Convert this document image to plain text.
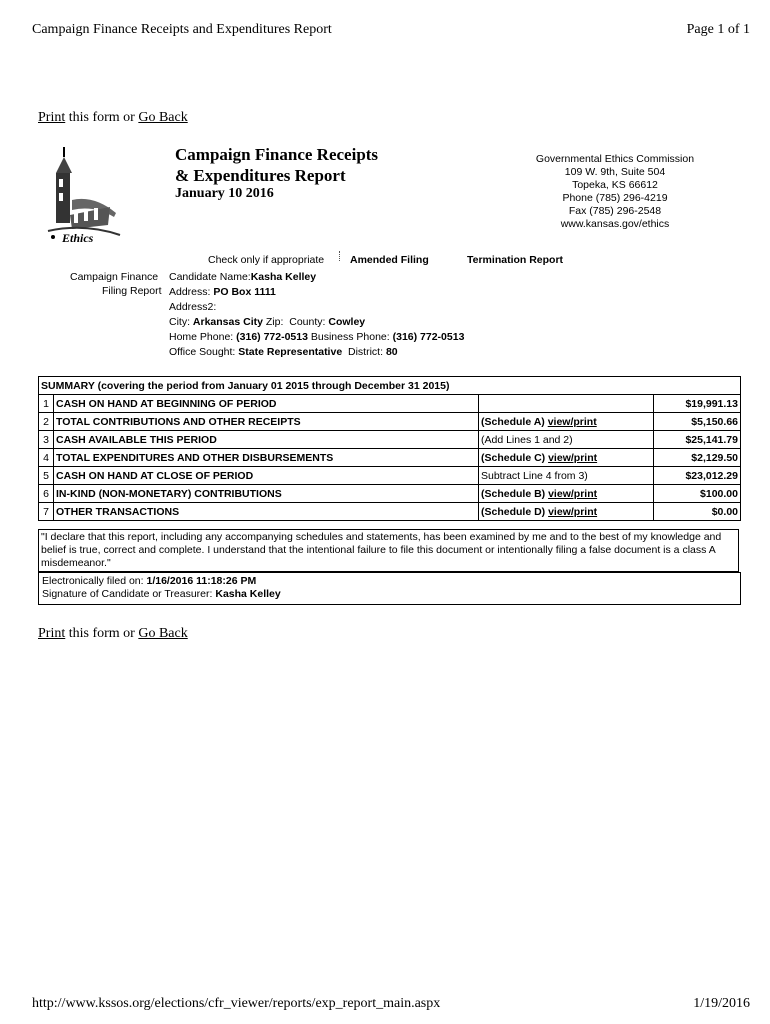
Campaign Finance Receipts and Expenditures Report	Page 1 of 1
Print this form or Go Back
Ethics
Campaign Finance Receipts
& Expenditures Report
January 10 2016
Governmental Ethics Commission
109 W. 9th, Suite 504
Topeka, KS 66612
Phone (785) 296-4219
Fax (785) 296-2548
www.kansas.gov/ethics
Check only if appropriate Amended Filing	Termination Report
Campaign Finance
Filing Report
Candidate Name:Kasha Kelley
Address: PO Box 1111
Address2:
City: Arkansas City Zip: County: Cowley
Home Phone: (316) 772-0513 Business Phone: (316) 772-0513
Office Sought: State Representative District: 80
SUMMARY (covering the period from January 01 2015 through December 31 2015)			
1	CASH ON HAND AT BEGINNING OF PERIOD		$19,991.13
2	TOTAL CONTRIBUTIONS AND OTHER RECEIPTS	(Schedule A) view/print	$5,150.66
3	CASH AVAILABLE THIS PERIOD	(Add Lines 1 and 2)	$25,141.79
4	TOTAL EXPENDITURES AND OTHER DISBURSEMENTS	(Schedule C) view/print	$2,129.50
5	CASH ON HAND AT CLOSE OF PERIOD	Subtract Line 4 from 3)	$23,012.29
6	IN-KIND (NON-MONETARY) CONTRIBUTIONS	(Schedule B) view/print	$100.00
7	OTHER TRANSACTIONS	(Schedule D) view/print	$0.00
"I declare that this report, including any accompanying schedules and statements, has been examined by me and to the best of my knowledge and belief is true, correct and complete. I understand that the intentional failure to file this document or intentionally filing a false document is a class A misdemeanor."
Electronically filed on: 1/16/2016 11:18:26 PM
Signature of Candidate or Treasurer: Kasha Kelley
Print this form or Go Back
http://www.kssos.org/elections/cfr_viewer/reports/exp_report_main.aspx	1/19/2016
